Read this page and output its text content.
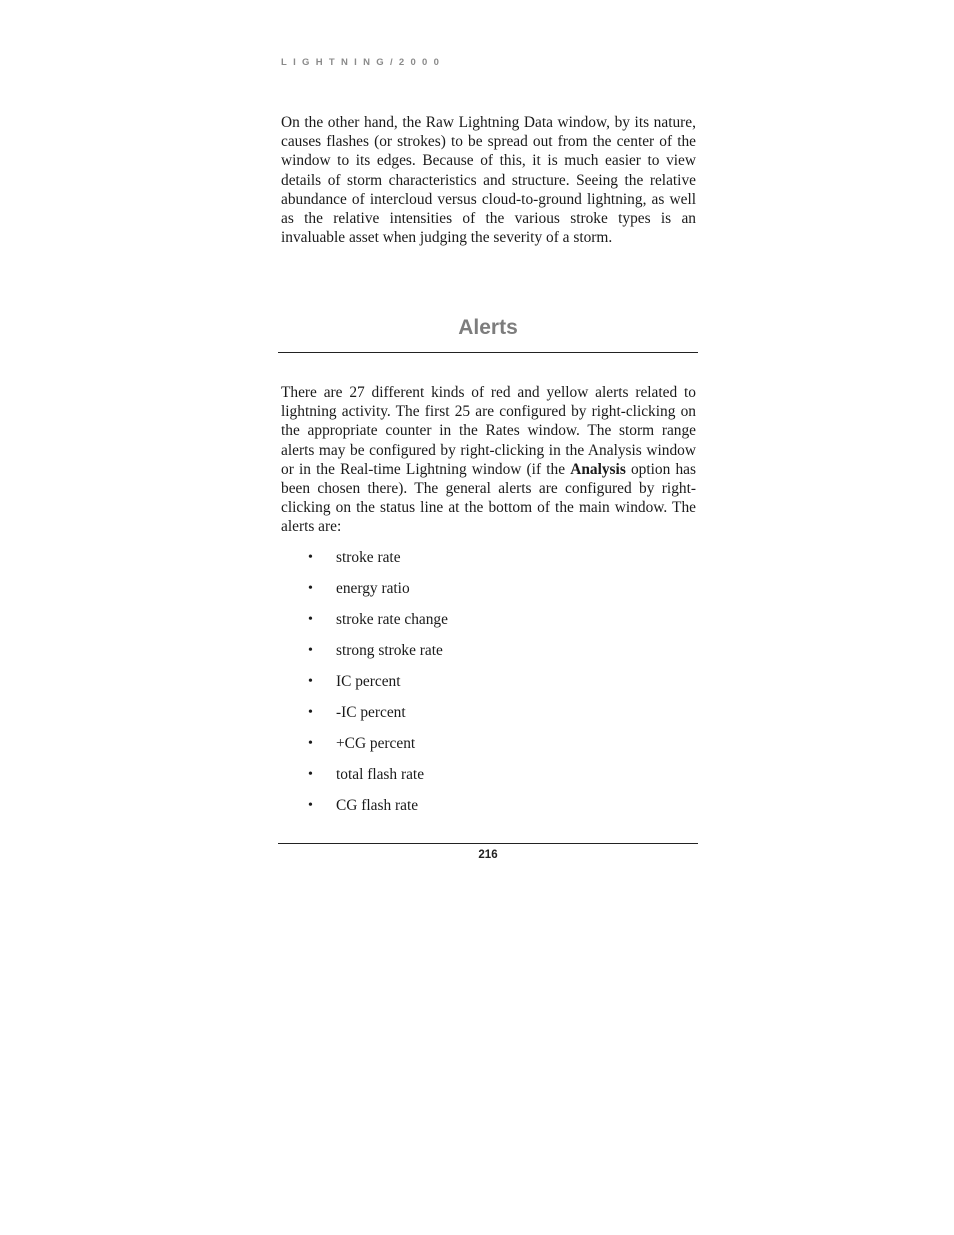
LIGHTNING/2000

On the other hand, the Raw Lightning Data window, by its nature, causes flashes (or strokes) to be spread out from the center of the window to its edges. Because of this, it is much easier to view details of storm characteristics and structure. Seeing the relative abundance of intercloud versus cloud-to-ground lightning, as well as the relative intensities of the various stroke types is an invaluable asset when judging the severity of a storm.

Alerts

There are 27 different kinds of red and yellow alerts related to lightning activity. The first 25 are configured by right-clicking on the appropriate counter in the Rates window. The storm range alerts may be configured by right-clicking in the Analysis window or in the Real-time Lightning window (if the Analysis option has been chosen there). The general alerts are configured by right-clicking on the status line at the bottom of the main window. The alerts are:

• stroke rate
• energy ratio
• stroke rate change
• strong stroke rate
• IC percent
• -IC percent
• +CG percent
• total flash rate
• CG flash rate
216
